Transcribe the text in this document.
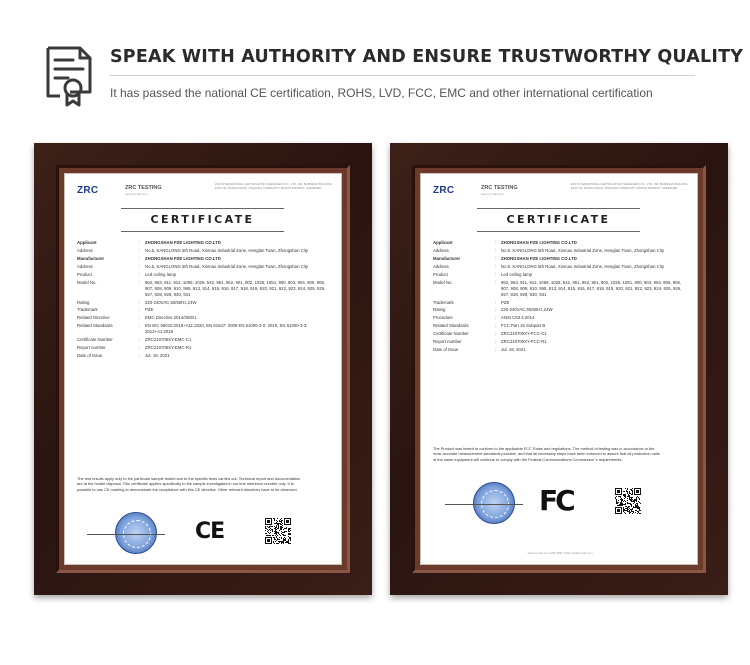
SPEAK WITH AUTHORITY AND ENSURE TRUSTWORTHY QUALITY
It has passed the national CE certification, ROHS, LVD, FCC, EMC and other international certification
ZRC	ZRC TESTING
www.zrc-lab.com
ZRC INTERNATIONAL CERTIFICATION (SHENZHEN) CO., LTD. 10th BUSINESS BUILDING, EAST OF XINSHA ROAD, XINQIANG COMMUNITY, BAOAN DISTRICT, SHENZHEN
CERTIFICATE
Applicant	:	ZHONGSHAN PZE LIGHTING CO.LTD
Address	:	No.5, KANGLONG 5th Road, Xinmao Industrial Zone, Henglan Town, Zhongshan City
Manufacturer	:	ZHONGSHAN PZE LIGHTING CO.LTD
Address	:	No.5, KANGLONG 5th Road, Xinmao Industrial Zone, Henglan Town, Zhongshan City
Product	:	Led ceiling lamp
Model No.	:	962, 963, 911, 912, 1058, 1025, 542, 951, 952, 901, 902, 1026, 1051, 900, 903, 904, 905, 906, 907, 908, 909, 910, 965, 913, 914, 915, 916, 917, 918, 919, 920, 921, 922, 923, 924, 925, 926, 927, 928, 929, 930, 931
Rating	:	220-240VAC,50/60Hz,24W
Trademark	:	PZE
Related Directive	:	EMC Directive 2014/30/EU
Related Standards	:	EN IEC 55015:2019+A11:2020, EN 61547: 2009 EN 61000-3-2: 2019, EN 61000-3-3: 2013+A1:2019
Certificate Number	:	ZRC210705XY-EMC-C1
Report number	:	ZRC210705XY-EMC-R1
Date of Issue	:	Jul. 19, 2021
The test results apply only to the particular sample tested and to the specific tests carried out. Technical report and documentation are at the holder disposal. This certificate applies specifically to the sample investigated in our test reference number only. It is possible to use CE marking to demonstrate the compliance with this CE directive. Other relevant directives have to be observed.
CE
ZRC	ZRC TESTING
www.zrc-lab.com
ZRC INTERNATIONAL CERTIFICATION (SHENZHEN) CO., LTD. 10th BUSINESS BUILDING, EAST OF XINSHA ROAD, XINQIANG COMMUNITY, BAOAN DISTRICT, SHENZHEN
CERTIFICATE
Applicant	:	ZHONGSHAN PZE LIGHTING CO.LTD
Address	:	No.5, KANGLONG 5th Road, Xinmao Industrial Zone, Henglan Town, Zhongshan City
Manufacturer	:	ZHONGSHAN PZE LIGHTING CO.LTD
Address	:	No.5, KANGLONG 5th Road, Xinmao Industrial Zone, Henglan Town, Zhongshan City
Product	:	Led ceiling lamp
Model No.	:	962, 963, 911, 912, 1058, 1025, 542, 951, 952, 901, 902, 1026, 1051, 900, 903, 904, 905, 906, 907, 908, 909, 910, 965, 913, 914, 915, 916, 917, 918, 919, 920, 921, 922, 923, 924, 925, 926, 927, 928, 929, 930, 931
Trademark	:	PZE
Rating	:	220-240VAC,50/60Hz,24W
Procedure	:	ANSI C63.4:2014
Related Standards	:	FCC Part 15 Subpart B
Certificate Number	:	ZRC210705XY-FCC-C1
Report number	:	ZRC210705XY-FCC-R1
Date of Issue	:	Jul. 19, 2021
The Product was tested to conform to the applicable FCC Rules and regulations. The method of testing was in accordance to the most accurate measurement standards possible, and that all necessary steps have been enforced to assure that all production units of the same equipment will continue to comply with the Federal Communications Commission’ s requirements.
FC
www.zrc-lab.com 0755-2851 7190 info@zrc-lab.com
